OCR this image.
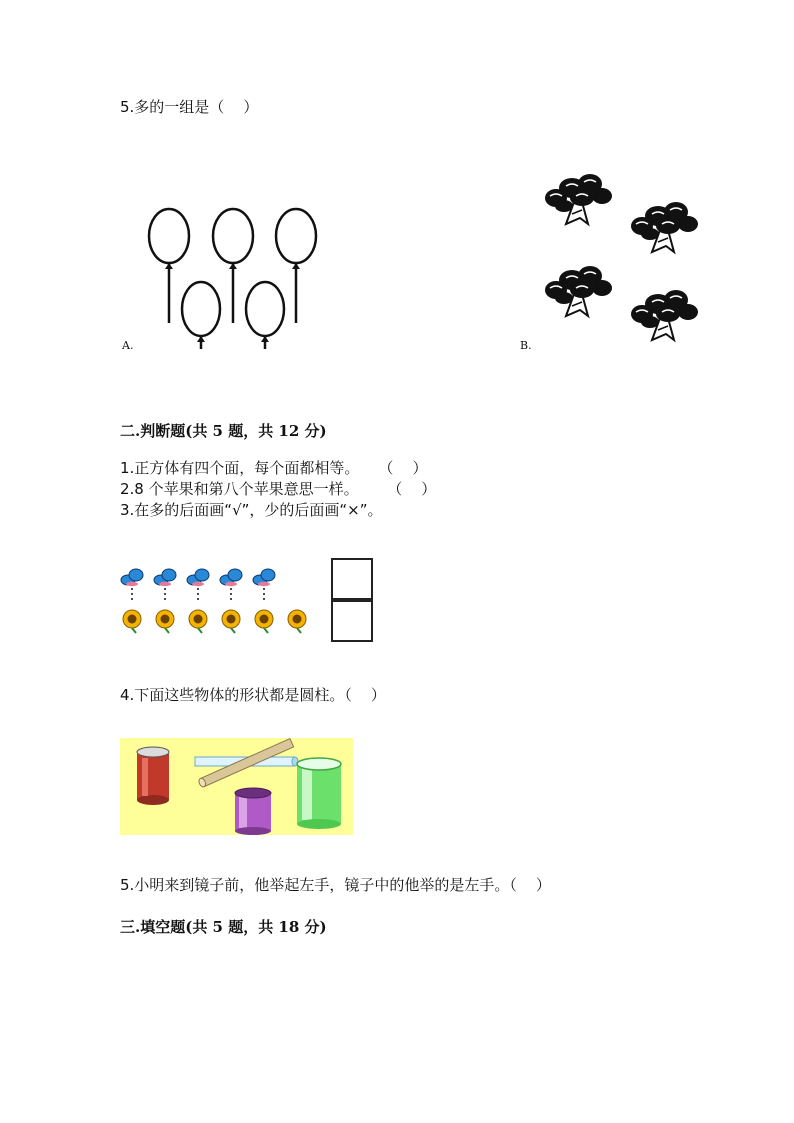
5.多的一组是（    ）
A.	B.
二.判断题(共 5 题，共 12 分)
1.正方体有四个面，每个面都相等。    （    ）
2.8 个苹果和第八个苹果意思一样。      （    ）
3.在多的后面画“√”，少的后面画“×”。
4.下面这些物体的形状都是圆柱。（    ）
5.小明来到镜子前，他举起左手，镜子中的他举的是左手。（    ）
三.填空题(共 5 题，共 18 分)
